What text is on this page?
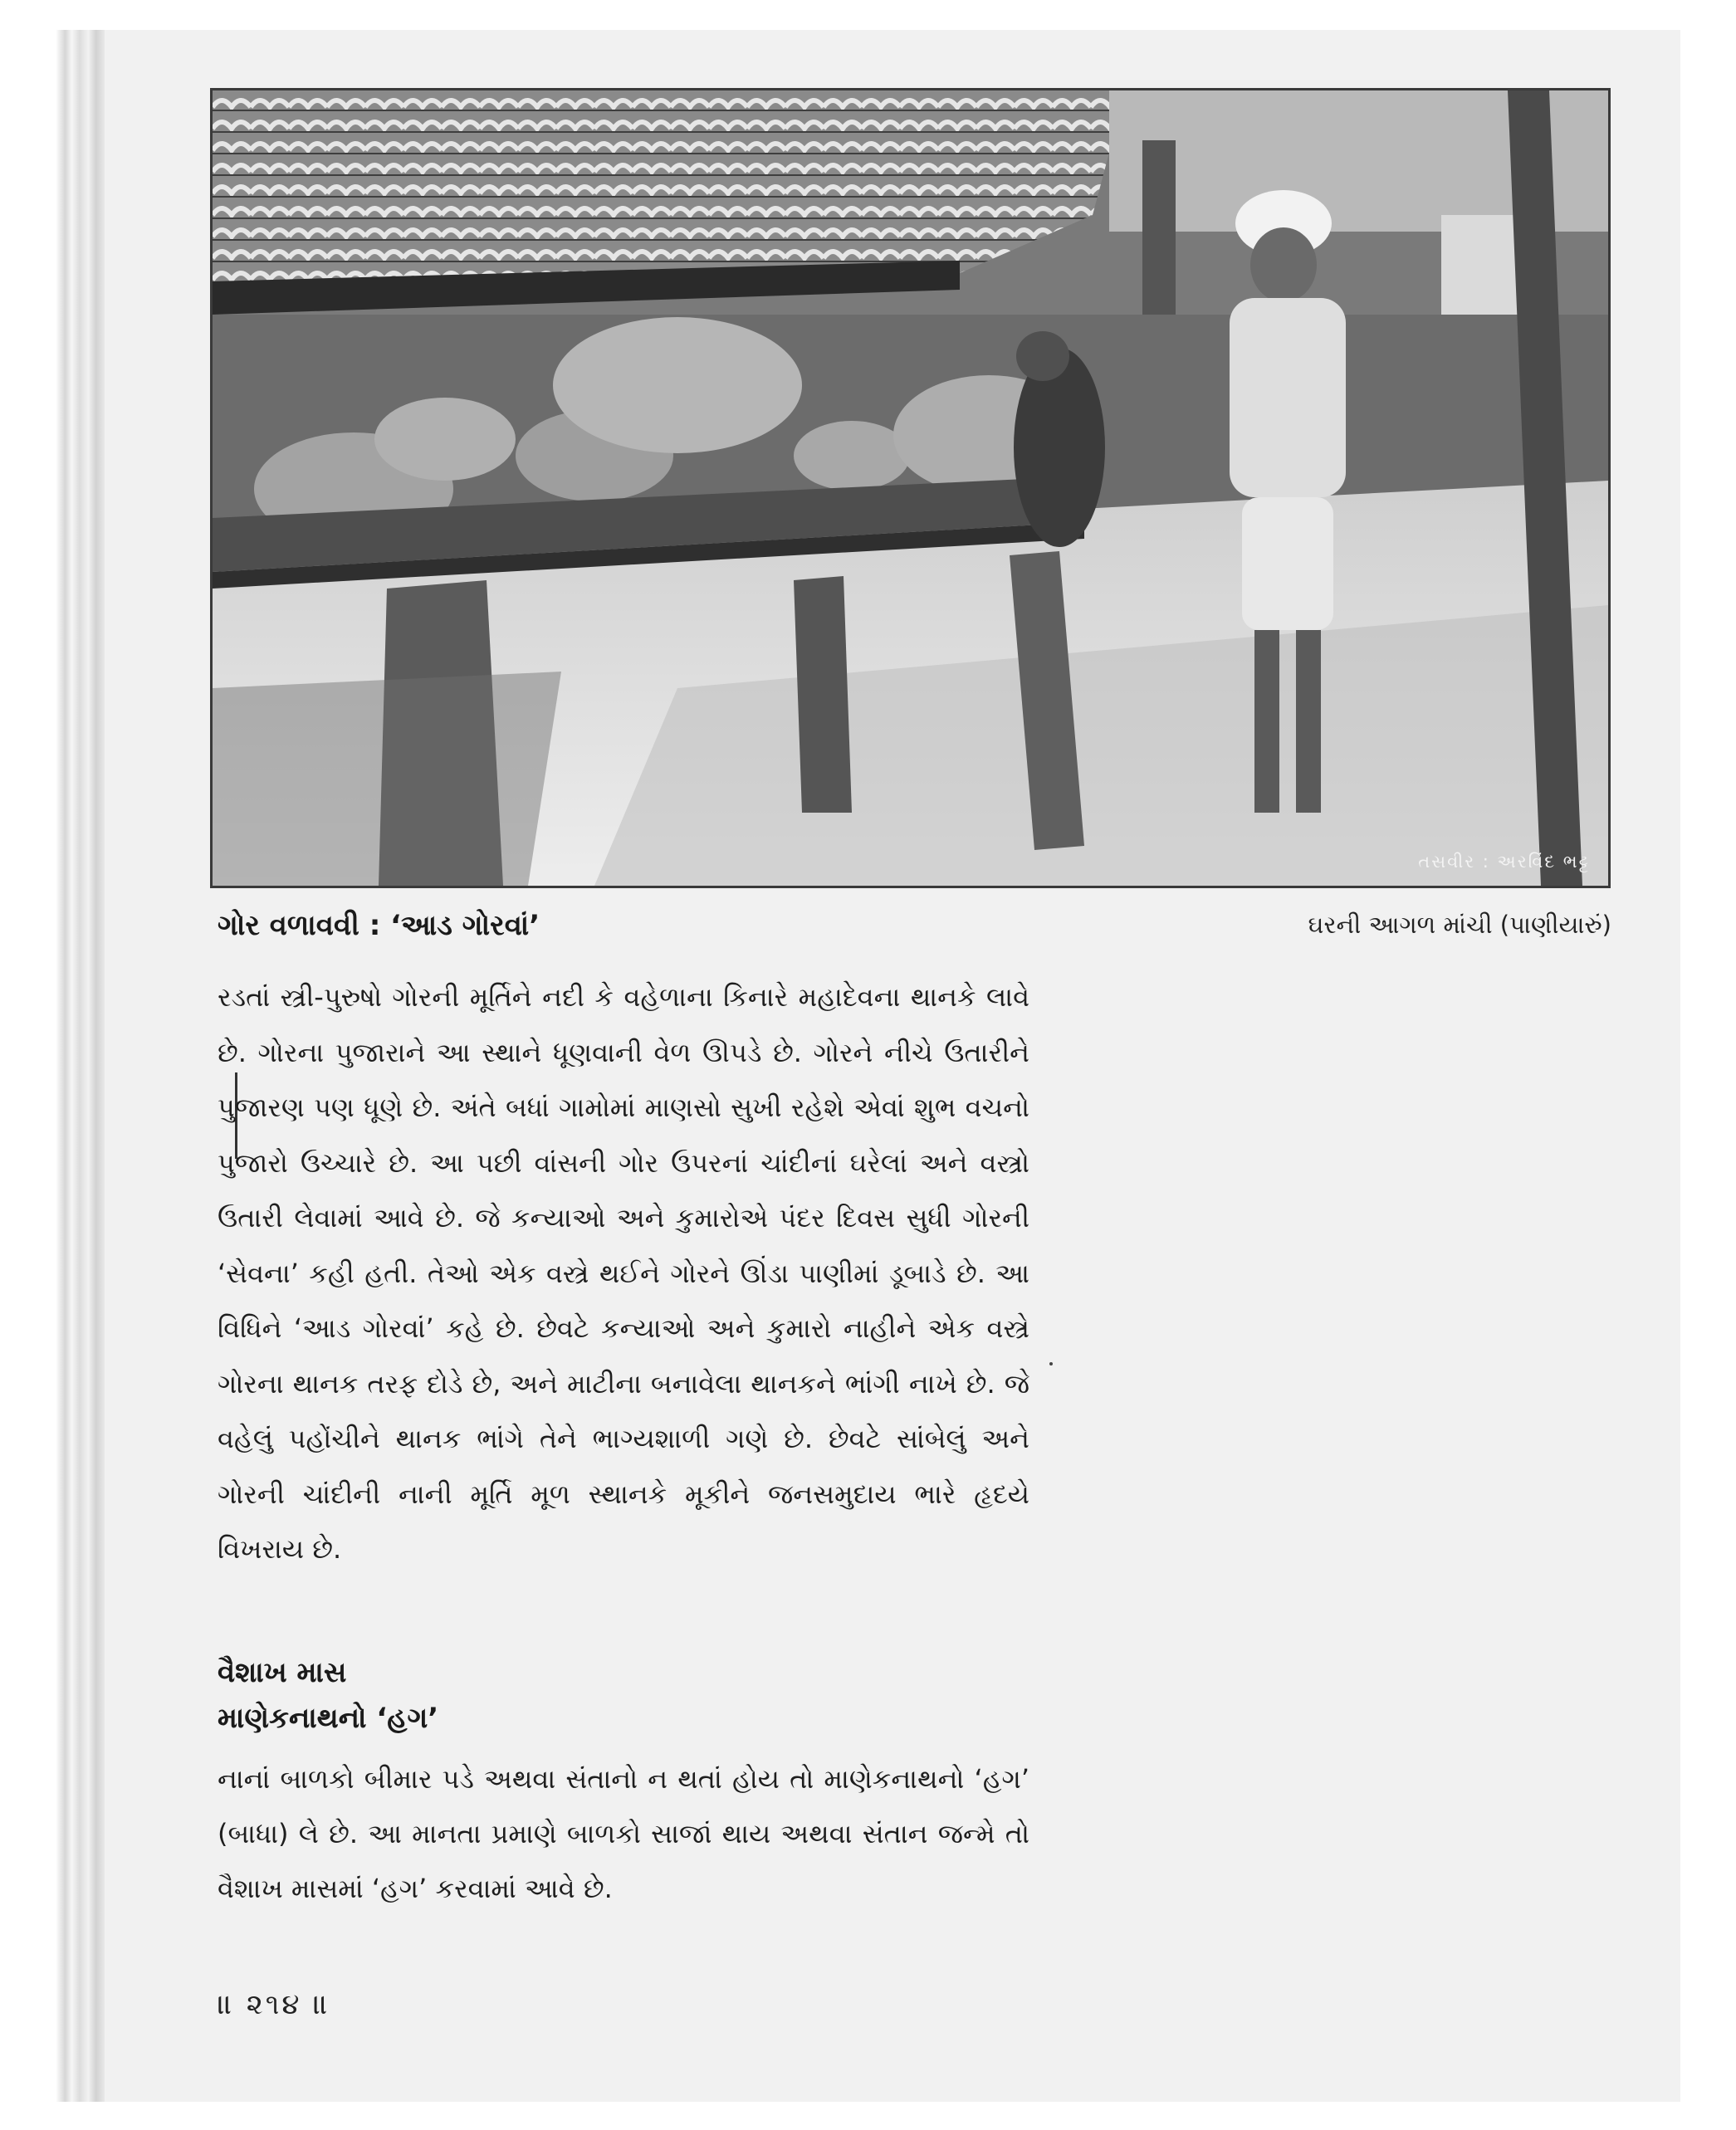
તસવીર : અરવિંદ ભટ્ટ
ઘરની આગળ માંચી (પાણીયારું)
ગોર વળાવવી : ‘આડ ગોરવાં’

રડતાં સ્ત્રી-પુરુષો ગોરની મૂર્તિને નદી કે વહેળાના કિનારે મહાદેવના થાનકે લાવે છે. ગોરના પુજારાને આ સ્થાને ધૂણવાની વેળ ઊપડે છે. ગોરને નીચે ઉતારીને પુજારણ પણ ધૂણે છે. અંતે બધાં ગામોમાં માણસો સુખી રહેશે એવાં શુભ વચનો પુજારો ઉચ્ચારે છે. આ પછી વાંસની ગોર ઉપરનાં ચાંદીનાં ઘરેલાં અને વસ્ત્રો ઉતારી લેવામાં આવે છે. જે કન્યાઓ અને કુમારોએ પંદર દિવસ સુધી ગોરની ‘સેવના’ કહી હતી. તેઓ એક વસ્ત્રે થઈને ગોરને ઊંડા પાણીમાં ડૂબાડે છે. આ વિધિને ‘આડ ગોરવાં’ કહે છે. છેવટે કન્યાઓ અને કુમારો નાહીને એક વસ્ત્રે ગોરના થાનક તરફ દોડે છે, અને માટીના બનાવેલા થાનકને ભાંગી નાખે છે. જે વહેલું પહોંચીને થાનક ભાંગે તેને ભાગ્યશાળી ગણે છે. છેવટે સાંબેલું અને ગોરની ચાંદીની નાની મૂર્તિ મૂળ સ્થાનકે મૂકીને જનસમુદાય ભારે હૃદયે વિખરાય છે.

વૈશાખ માસ
માણેકનાથનો ‘હગ’

નાનાં બાળકો બીમાર પડે અથવા સંતાનો ન થતાં હોય તો માણેકનાથનો ‘હગ’ (બાધા) લે છે. આ માનતા પ્રમાણે બાળકો સાજાં થાય અથવા સંતાન જન્મે તો વૈશાખ માસમાં ‘હગ’ કરવામાં આવે છે.

॥ ૨૧૪ ॥
